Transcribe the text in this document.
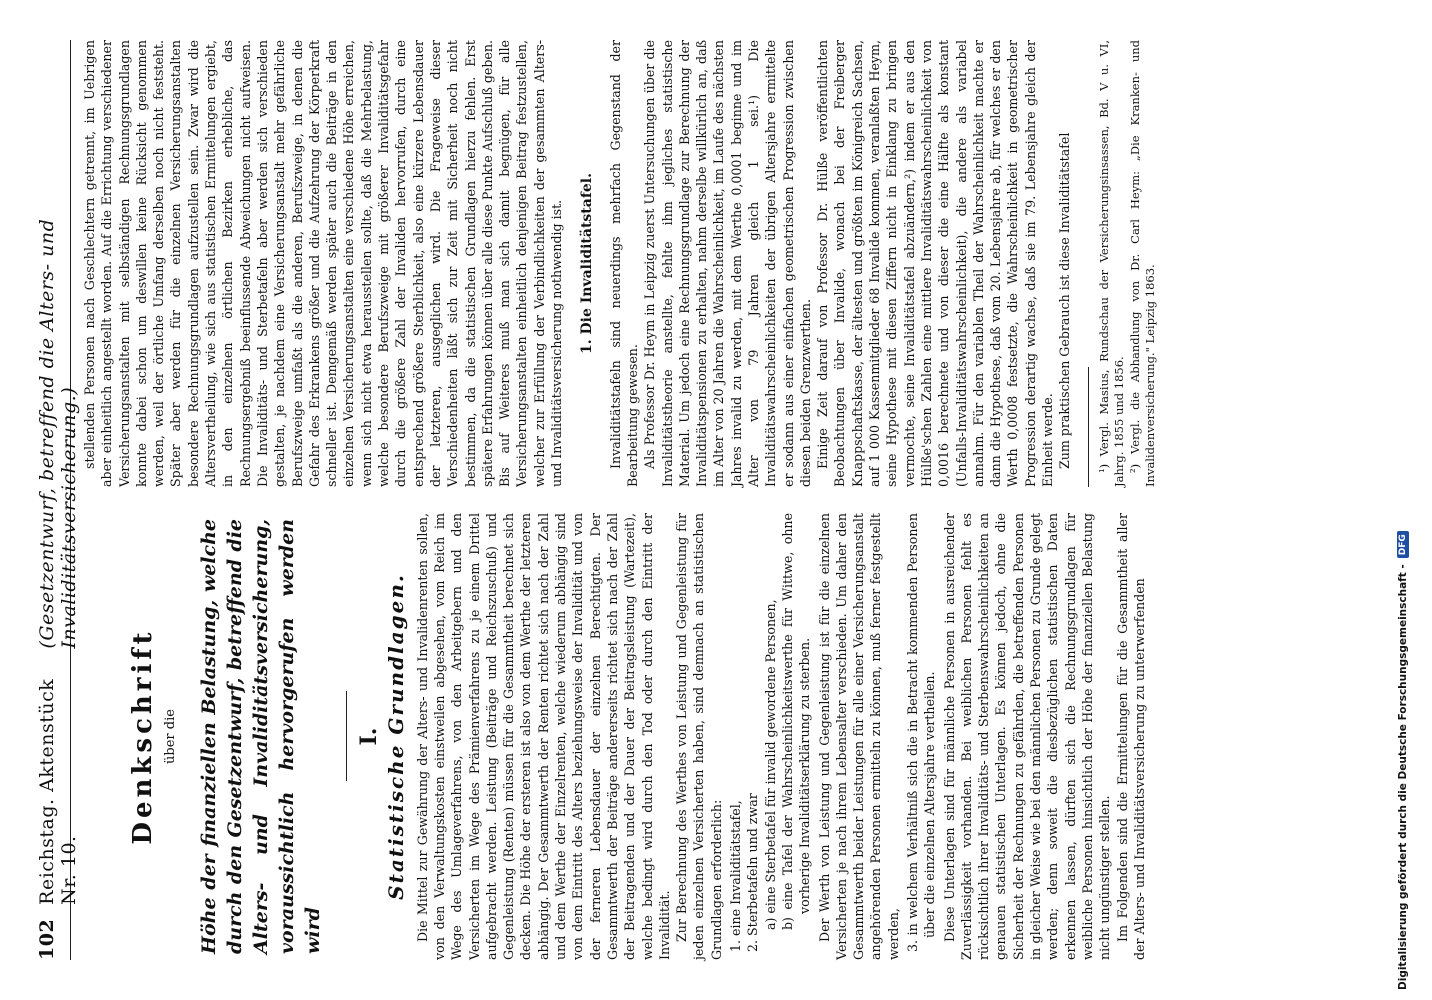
102
Reichstag. Aktenstück Nr. 10.
(Gesetzentwurf, betreffend die Alters- und Invaliditätsversicherung.)
Denkschrift über die Höhe der finanziellen Belastung, welche durch den Gesetzentwurf, betreffend die Alters- und Invaliditätsversicherung, voraussichtlich hervorgerufen werden wird
I. Statistische Grundlagen. Die Mittel zur Gewährung der Alters- und Invalidenrenten sollen, von den Verwaltungskosten einstweilen abgesehen, vom Reich im Wege des Umlageverfahrens, von den Arbeitgebern und den Versicherten im Wege des Prämienverfahrens zu je einem Drittel aufgebracht werden. Leistung (Beiträge und Reichszuschuß) und Gegenleistung (Renten) müssen für die Gesammtheit berechnet sich decken. Die Höhe der ersteren ist also von dem Werthe der letzteren abhängig. Der Gesammtwerth der Renten richtet sich nach der Zahl und dem Werthe der Einzelrenten, welche wiederum abhängig sind von dem Eintritt des Alters beziehungsweise der Invalidität und von der ferneren Lebensdauer der einzelnen Berechtigten. Der Gesammtwerth der Beiträge andererseits richtet sich nach der Zahl der Beitragenden und der Dauer der Beitragsleistung (Wartezeit), welche bedingt wird durch den Tod oder durch den Eintritt der Invalidität. Zur Berechnung des Werthes von Leistung und Gegenleistung für jeden einzelnen Versicherten haben, sind demnach an statistischen Grundlagen erforderlich: 1. eine Invaliditätstafel, 2. Sterbetafeln und zwar a) eine Sterbetafel für invalid gewordene Personen, b) eine Tafel der Wahrscheinlichkeitswerthe für Wittwe, ohne vorherige Invaliditätserklärung zu sterben. Der Werth von Leistung und Gegenleistung ist für die einzelnen Versicherten je nach ihrem Lebensalter verschieden. Um daher den Gesammtwerth beider Leistungen für alle einer Versicherungsanstalt angehörenden Personen ermitteln zu können, muß ferner festgestellt werden, 3. in welchem Verhältniß sich die in Betracht kommenden Personen über die einzelnen Altersjahre vertheilen. Diese Unterlagen sind für männliche Personen in ausreichender Zuverlässigkeit vorhanden. Bei weiblichen Personen fehlt es rücksichtlich ihrer Invaliditäts- und Sterbenswahrscheinlichkeiten an genauen statistischen Unterlagen. Es können jedoch, ohne die Sicherheit der Rechnungen zu gefährden, die betreffenden Personen in gleicher Weise wie bei den männlichen Personen zu Grunde gelegt werden; denn soweit die diesbezüglichen statistischen Daten erkennen lassen, dürften sich die Rechnungsgrundlagen für weibliche Personen hinsichtlich der Höhe der finanziellen Belastung nicht ungünstiger stellen. Im Folgenden sind die Ermittelungen für die Gesammtheit aller der Alters- und Invaliditätsversicherung zu unterwerfenden

stellenden Personen nach Geschlechtern getrennt, im Uebrigen aber einheitlich angestellt worden. Auf die Errichtung verschiedener Versicherungsanstalten mit selbständigen Rechnungsgrundlagen konnte dabei schon um deswillen keine Rücksicht genommen werden, weil der örtliche Umfang derselben noch nicht feststeht. Später aber werden für die einzelnen Versicherungsanstalten besondere Rechnungsgrundlagen aufzustellen sein. Zwar wird die Altersvertheilung, wie sich aus statistischen Ermittelungen ergiebt, in den einzelnen örtlichen Bezirken erhebliche, das Rechnungsergebniß beeinflussende Abweichungen nicht aufweisen. Die Invaliditäts- und Sterbetafeln aber werden sich verschieden gestalten, je nachdem eine Versicherungsanstalt mehr gefährliche Berufszweige umfaßt als die anderen, Berufszweige, in denen die Gefahr des Erkrankens größer und die Aufzehrung der Körperkraft schneller ist. Demgemäß werden später auch die Beiträge in den einzelnen Versicherungsanstalten eine verschiedene Höhe erreichen, wenn sich nicht etwa herausstellen sollte, daß die Mehrbelastung, welche besondere Berufszweige mit größerer Invaliditätsgefahr durch die größere Zahl der Invaliden hervorrufen, durch eine entsprechend größere Sterblichkeit, also eine kürzere Lebensdauer der letzteren, ausgeglichen wird. Die Frageweise dieser Verschiedenheiten läßt sich zur Zeit mit Sicherheit noch nicht bestimmen, da die statistischen Grundlagen hierzu fehlen. Erst spätere Erfahrungen können über alle diese Punkte Aufschluß geben. Bis auf Weiteres muß man sich damit begnügen, für alle Versicherungsanstalten einheitlich denjenigen Beitrag festzustellen, welcher zur Erfüllung der Verbindlichkeiten der gesammten Alters- und Invaliditätsversicherung nothwendig ist. 1. Die Invaliditätstafel. Invaliditätstafeln sind neuerdings mehrfach Gegenstand der Bearbeitung gewesen. Als Professor Dr. Heym in Leipzig zuerst Untersuchungen über die Invaliditätstheorie anstellte, fehlte ihm jegliches statistische Material. Um jedoch eine Rechnungsgrundlage zur Berechnung der Invaliditätspensionen zu erhalten, nahm derselbe willkürlich an, daß im Alter von 20 Jahren die Wahrscheinlichkeit, im Laufe des nächsten Jahres invalid zu werden, mit dem Werthe 0,0001 beginne und im Alter von 79 Jahren gleich 1 sei.¹) Die Invaliditätswahrscheinlichkeiten der übrigen Altersjahre ermittelte er sodann aus einer einfachen geometrischen Progression zwischen diesen beiden Grenzwerthen. Einige Zeit darauf von Professor Dr. Hülße veröffentlichten Beobachtungen über Invalide, wonach bei der Freiberger Knappschaftskasse, der ältesten und größten im Königreich Sachsen, auf 1 000 Kassenmitglieder 68 Invalide kommen, veranlaßten Heym, seine Hypothese mit diesen Ziffern nicht in Einklang zu bringen vermochte, seine Invaliditätstafel abzuändern,²) indem er aus den Hülße'schen Zahlen eine mittlere Invaliditätswahrscheinlichkeit von 0,0016 berechnete und von dieser die eine Hälfte als konstant (Unfalls-Invaliditätswahrscheinlichkeit), die andere als variabel annahm. Für den variablen Theil der Wahrscheinlichkeit machte er dann die Hypothese, daß vom 20. Lebensjahre ab, für welches er den Werth 0,0008 festsetzte, die Wahrscheinlichkeit in geometrischer Progression derartig wachse, daß sie im 79. Lebensjahre gleich der Einheit werde. Zum praktischen Gebrauch ist diese Invaliditätstafel ¹) Vergl. Masius, Rundschau der Versicherungsinsassen, Bd. V u. VI, Jahrg. 1855 und 1856. ²) Vergl. die Abhandlung von Dr. Carl Heym: „Die Kranken- und Invalidenversicherung." Leipzig 1863.
Digitalisierung gefördert durch die Deutsche Forschungsgemeinschaft -
DFG
